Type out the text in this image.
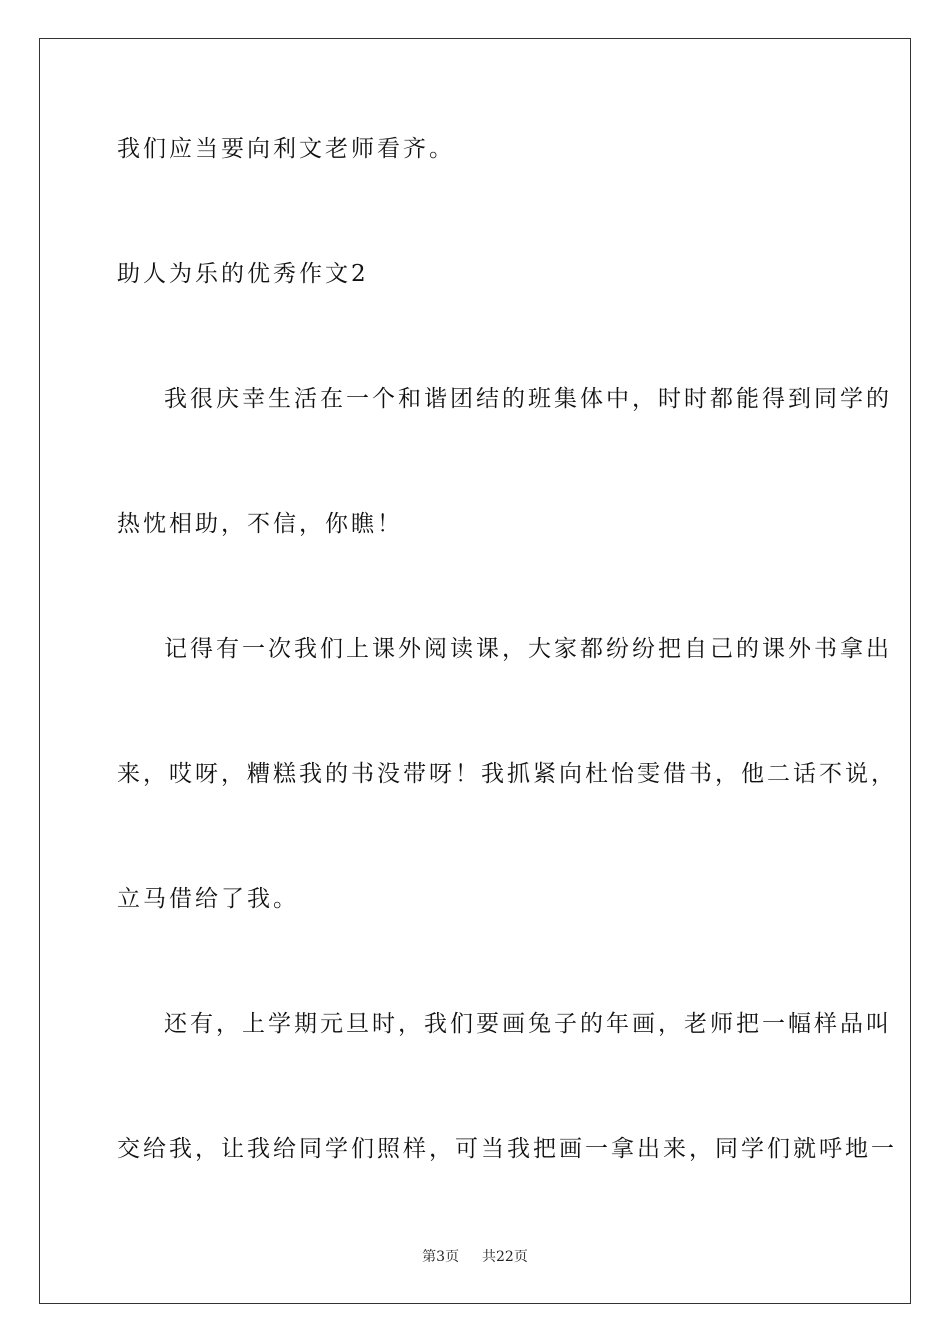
我们应当要向利文老师看齐。
助人为乐的优秀作文2
我很庆幸生活在一个和谐团结的班集体中，时时都能得到同学的
热忱相助，不信，你瞧！
记得有一次我们上课外阅读课，大家都纷纷把自己的课外书拿出
来，哎呀，糟糕我的书没带呀！我抓紧向杜怡雯借书，他二话不说，
立马借给了我。
还有，上学期元旦时，我们要画兔子的年画，老师把一幅样品叫
交给我，让我给同学们照样，可当我把画一拿出来，同学们就呼地一
第3页 共22页
